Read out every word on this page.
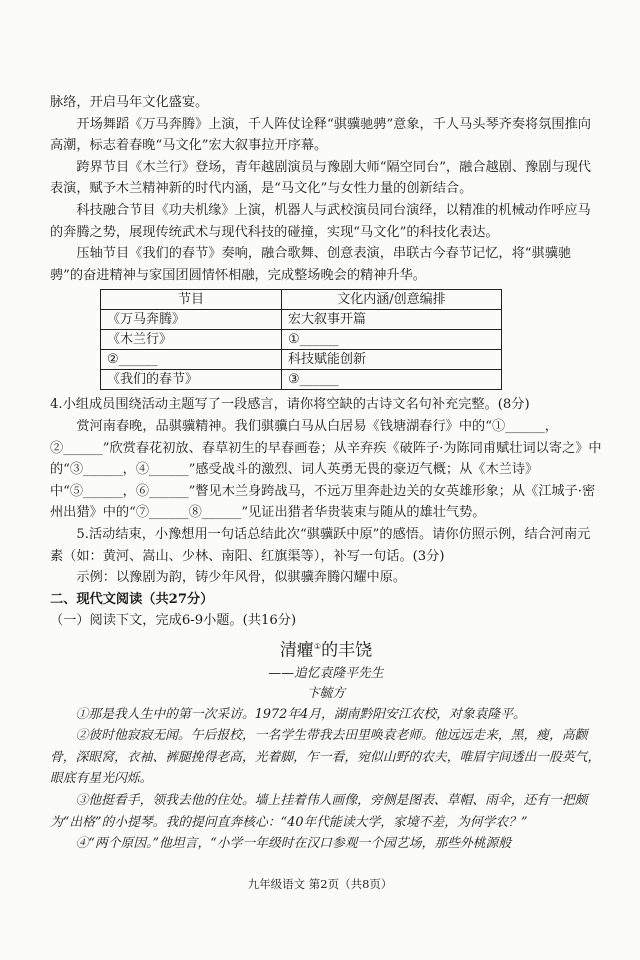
脉络，开启马年文化盛宴。

开场舞蹈《万马奔腾》上演，千人阵仗诠释“骐骥驰骋”意象，千人马头琴齐奏将氛围推向高潮，标志着春晚“马文化”宏大叙事拉开序幕。

跨界节目《木兰行》登场，青年越剧演员与豫剧大师“隔空同台”，融合越剧、豫剧与现代表演，赋予木兰精神新的时代内涵，是“马文化”与女性力量的创新结合。

科技融合节目《功夫机缘》上演，机器人与武校演员同台演绎，以精准的机械动作呼应马的奔腾之势，展现传统武术与现代科技的碰撞，实现“马文化”的科技化表达。

压轴节目《我们的春节》奏响，融合歌舞、创意表演，串联古今春节记忆，将“骐骥驰骋”的奋进精神与家国团圆情怀相融，完成整场晚会的精神升华。

节目	文化内涵/创意编排
《万马奔腾》	宏大叙事开篇
《木兰行》	①______
②______	科技赋能创新
《我们的春节》	③______

4.小组成员围绕活动主题写了一段感言，请你将空缺的古诗文名句补充完整。(8分)

赏河南春晚，品骐骥精神。我们骐骥白马从白居易《钱塘湖春行》中的“①______，②______”欣赏春花初放、春草初生的早春画卷；从辛弃疾《破阵子·为陈同甫赋壮词以寄之》中的“③______，④______”感受战斗的激烈、词人英勇无畏的豪迈气概；从《木兰诗》中“⑤______，⑥______”瞥见木兰身跨战马，不远万里奔赴边关的女英雄形象；从《江城子·密州出猎》中的“⑦______⑧______”见证出猎者华贵装束与随从的雄壮气势。

5.活动结束，小豫想用一句话总结此次“骐骥跃中原”的感悟。请你仿照示例，结合河南元素（如：黄河、嵩山、少林、南阳、红旗渠等），补写一句话。(3分)

示例：以豫剧为韵，铸少年风骨，似骐骥奔腾闪耀中原。

二、现代文阅读（共27分）

（一）阅读下文，完成6-9小题。(共16分)

清癯①的丰饶
——追忆袁隆平先生
卞毓方

①那是我人生中的第一次采访。1972年4月，湖南黔阳安江农校，对象袁隆平。

②彼时他寂寂无闻。午后报校，一名学生带我去田里唤袁老师。他远远走来，黑，瘦，高颧骨，深眼窝，衣袖、裤腿挽得老高，光着脚，乍一看，宛似山野的农夫，唯眉宇间透出一股英气，眼底有星光闪烁。

③他挺看手，领我去他的住处。墙上挂着伟人画像，旁侧是图表、草帽、雨伞，还有一把颇为“出格”的小提琴。我的提问直奔核心：“40年代能读大学，家境不差，为何学农？”

④“两个原因。”他坦言，“小学一年级时在汉口参观一个园艺场，那些外桃源般

九年级语文 第2页（共8页）
